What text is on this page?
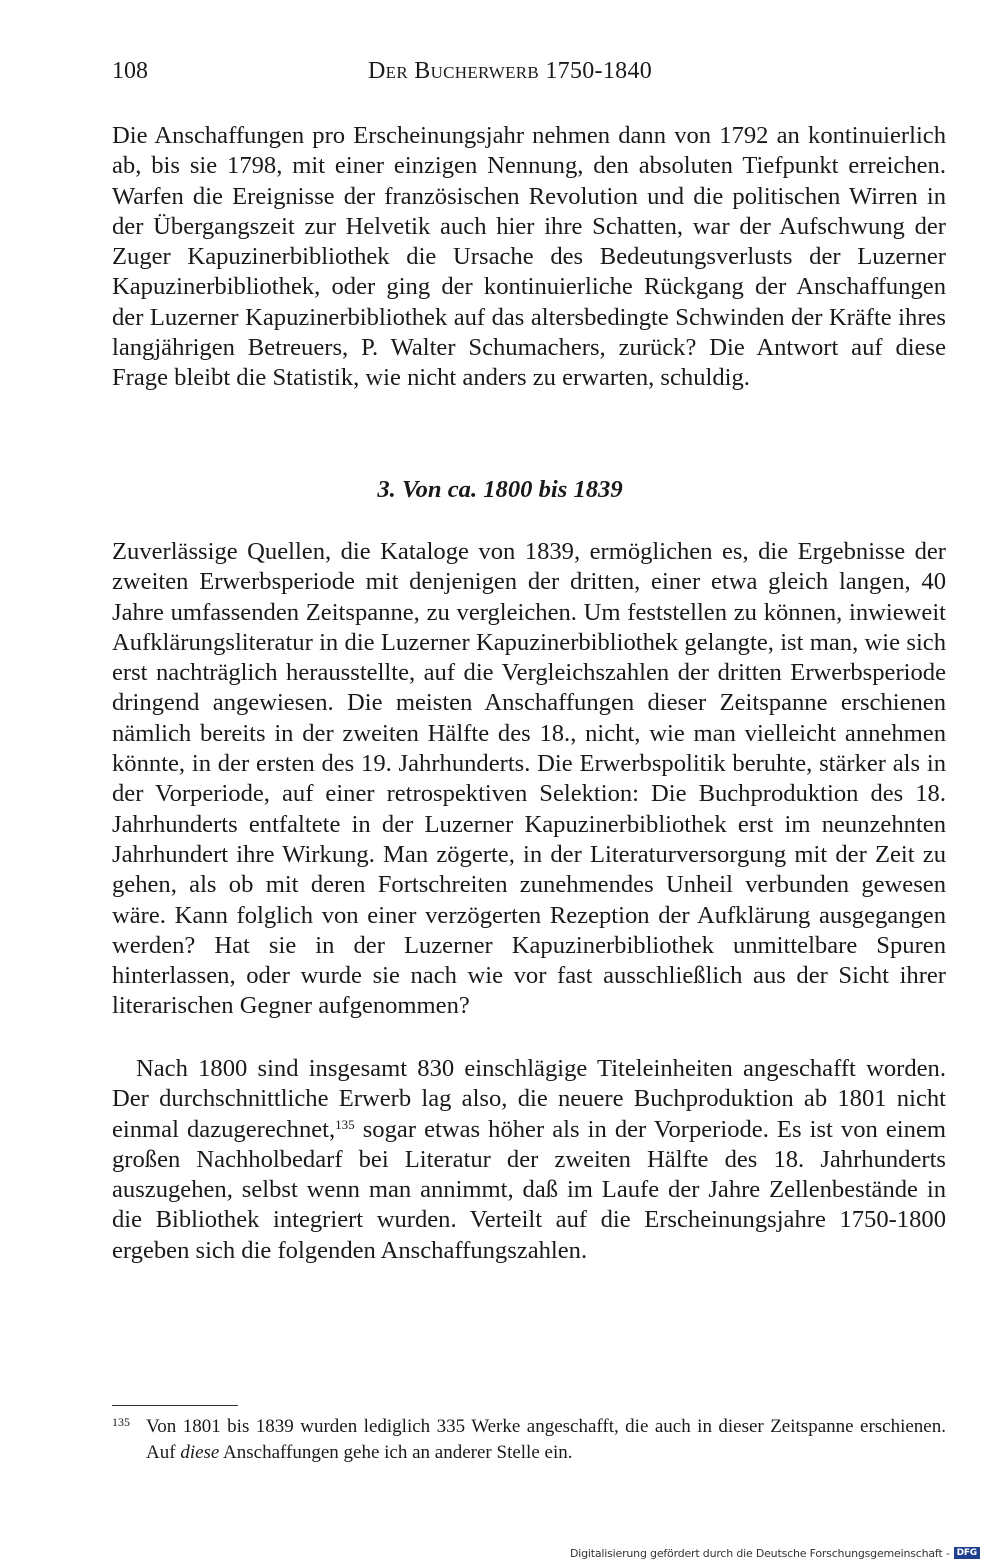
108	Der Bucherwerb 1750-1840

Die Anschaffungen pro Erscheinungsjahr nehmen dann von 1792 an kontinuierlich ab, bis sie 1798, mit einer einzigen Nennung, den absoluten Tiefpunkt erreichen. Warfen die Ereignisse der französischen Revolution und die politischen Wirren in der Übergangszeit zur Helvetik auch hier ihre Schatten, war der Aufschwung der Zuger Kapuzinerbibliothek die Ursache des Bedeutungsverlusts der Luzerner Kapuzinerbibliothek, oder ging der kontinuierliche Rückgang der Anschaffungen der Luzerner Kapuzinerbibliothek auf das altersbedingte Schwinden der Kräfte ihres langjährigen Betreuers, P. Walter Schumachers, zurück? Die Antwort auf diese Frage bleibt die Statistik, wie nicht anders zu erwarten, schuldig.

3. Von ca. 1800 bis 1839

Zuverlässige Quellen, die Kataloge von 1839, ermöglichen es, die Ergebnisse der zweiten Erwerbsperiode mit denjenigen der dritten, einer etwa gleich langen, 40 Jahre umfassenden Zeitspanne, zu vergleichen. Um feststellen zu können, inwieweit Aufklärungsliteratur in die Luzerner Kapuzinerbibliothek gelangte, ist man, wie sich erst nachträglich herausstellte, auf die Vergleichszahlen der dritten Erwerbsperiode dringend angewiesen. Die meisten Anschaffungen dieser Zeitspanne erschienen nämlich bereits in der zweiten Hälfte des 18., nicht, wie man vielleicht annehmen könnte, in der ersten des 19. Jahrhunderts. Die Erwerbspolitik beruhte, stärker als in der Vorperiode, auf einer retrospektiven Selektion: Die Buchproduktion des 18. Jahrhunderts entfaltete in der Luzerner Kapuzinerbibliothek erst im neunzehnten Jahrhundert ihre Wirkung. Man zögerte, in der Literaturversorgung mit der Zeit zu gehen, als ob mit deren Fortschreiten zunehmendes Unheil verbunden gewesen wäre. Kann folglich von einer verzögerten Rezeption der Aufklärung ausgegangen werden? Hat sie in der Luzerner Kapuzinerbibliothek unmittelbare Spuren hinterlassen, oder wurde sie nach wie vor fast ausschließlich aus der Sicht ihrer literarischen Gegner aufgenommen?

Nach 1800 sind insgesamt 830 einschlägige Titeleinheiten angeschafft worden. Der durchschnittliche Erwerb lag also, die neuere Buchproduktion ab 1801 nicht einmal dazugerechnet,$^{135}$ sogar etwas höher als in der Vorperiode. Es ist von einem großen Nachholbedarf bei Literatur der zweiten Hälfte des 18. Jahrhunderts auszugehen, selbst wenn man annimmt, daß im Laufe der Jahre Zellenbestände in die Bibliothek integriert wurden. Verteilt auf die Erscheinungsjahre 1750-1800 ergeben sich die folgenden Anschaffungszahlen.

135 Von 1801 bis 1839 wurden lediglich 335 Werke angeschafft, die auch in dieser Zeitspanne erschienen. Auf diese Anschaffungen gehe ich an anderer Stelle ein.

Digitalisierung gefördert durch die Deutsche Forschungsgemeinschaft - DFG
